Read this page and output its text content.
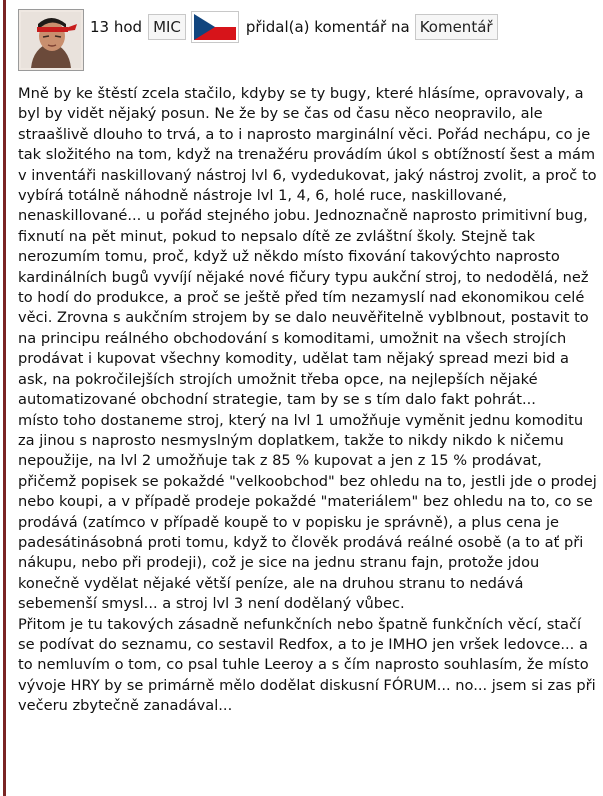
13 hod MIC	přidal(a) komentář na Komentář

Mně by ke štěstí zcela stačilo, kdyby se ty bugy, které hlásíme, opravovaly, a byl by vidět nějaký posun. Ne že by se čas od času něco neopravilo, ale straašlivě dlouho to trvá, a to i naprosto marginální věci. Pořád nechápu, co je tak složitého na tom, když na trenažéru provádím úkol s obtížností šest a mám v inventáři naskillovaný nástroj lvl 6, vydedukovat, jaký nástroj zvolit, a proč to vybírá totálně náhodně nástroje lvl 1, 4, 6, holé ruce, naskillované, nenaskillované... u pořád stejného jobu. Jednoznačně naprosto primitivní bug, fixnutí na pět minut, pokud to nepsalo dítě ze zvláštní školy. Stejně tak nerozumím tomu, proč, když už někdo místo fixování takovýchto naprosto kardinálních bugů vyvíjí nějaké nové fičury typu aukční stroj, to nedodělá, než to hodí do produkce, a proč se ještě před tím nezamyslí nad ekonomikou celé věci. Zrovna s aukčním strojem by se dalo neuvěřitelně vyblbnout, postavit to na principu reálného obchodování s komoditami, umožnit na všech strojích prodávat i kupovat všechny komodity, udělat tam nějaký spread mezi bid a ask, na pokročilejších strojích umožnit třeba opce, na nejlepších nějaké automatizované obchodní strategie, tam by se s tím dalo fakt pohrát...

místo toho dostaneme stroj, který na lvl 1 umožňuje vyměnit jednu komoditu za jinou s naprosto nesmyslným doplatkem, takže to nikdy nikdo k ničemu nepoužije, na lvl 2 umožňuje tak z 85 % kupovat a jen z 15 % prodávat, přičemž popisek se pokaždé "velkoobchod" bez ohledu na to, jestli jde o prodej nebo koupi, a v případě prodeje pokaždé "materiálem" bez ohledu na to, co se prodává (zatímco v případě koupě to v popisku je správně), a plus cena je padesátinásobná proti tomu, když to člověk prodává reálné osobě (a to ať při nákupu, nebo při prodeji), což je sice na jednu stranu fajn, protože jdou konečně vydělat nějaké větší peníze, ale na druhou stranu to nedává sebemenší smysl... a stroj lvl 3 není dodělaný vůbec.

Přitom je tu takových zásadně nefunkčních nebo špatně funkčních věcí, stačí se podívat do seznamu, co sestavil Redfox, a to je IMHO jen vršek ledovce... a to nemluvím o tom, co psal tuhle Leeroy a s čím naprosto souhlasím, že místo vývoje HRY by se primárně mělo dodělat diskusní FÓRUM... no... jsem si zas při večeru zbytečně zanadával...
